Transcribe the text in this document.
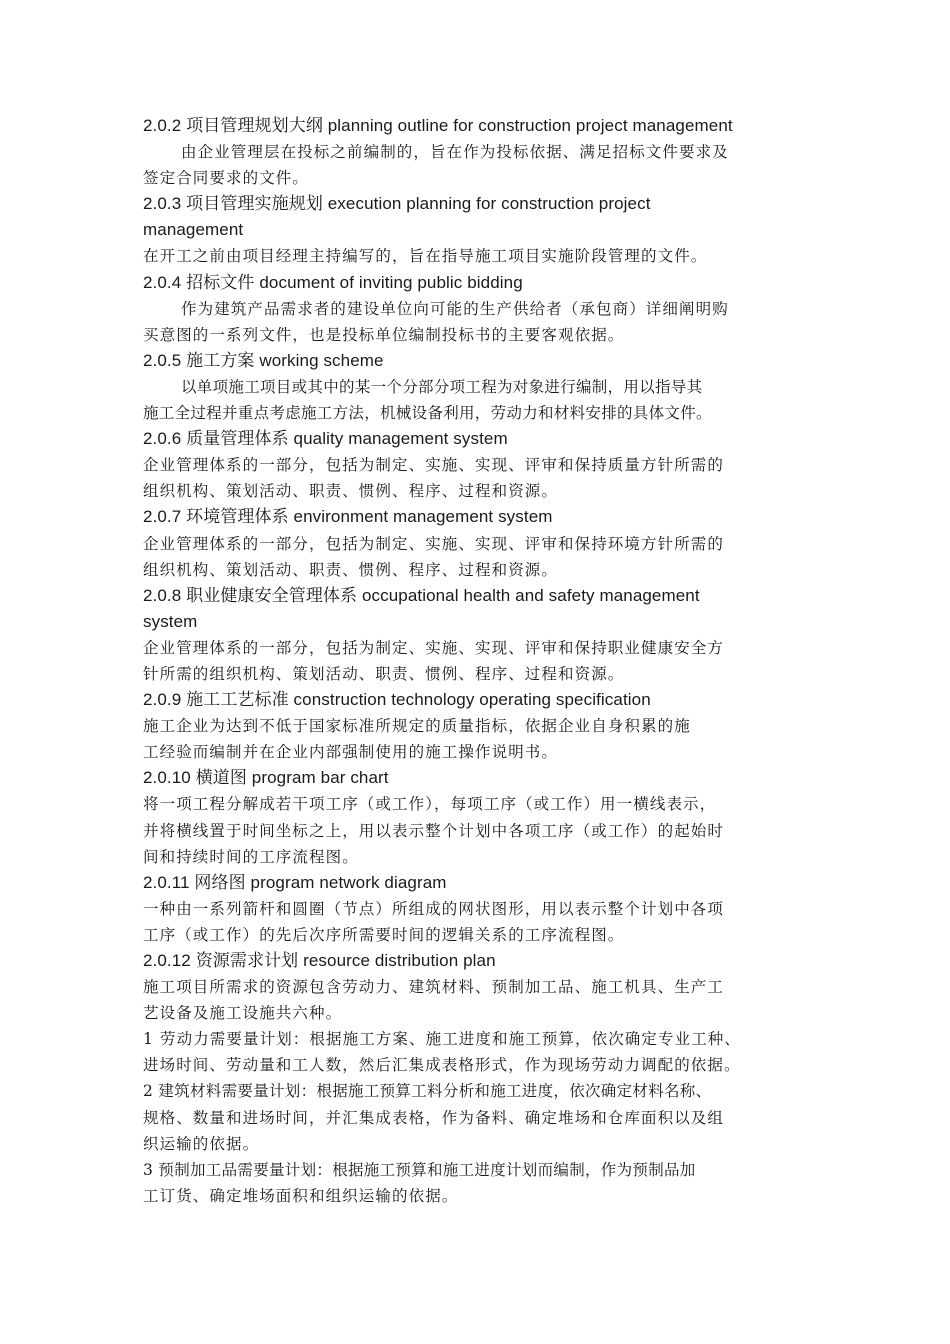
2.0.2 项目管理规划大纲 planning outline for construction project management
由企业管理层在投标之前编制的，旨在作为投标依据、满足招标文件要求及
签定合同要求的文件。
2.0.3 项目管理实施规划 execution planning for construction project
management
在开工之前由项目经理主持编写的，旨在指导施工项目实施阶段管理的文件。
2.0.4 招标文件 document of inviting public bidding
作为建筑产品需求者的建设单位向可能的生产供给者（承包商）详细阐明购
买意图的一系列文件，也是投标单位编制投标书的主要客观依据。
2.0.5 施工方案 working scheme
以单项施工项目或其中的某一个分部分项工程为对象进行编制，用以指导其
施工全过程并重点考虑施工方法，机械设备利用，劳动力和材料安排的具体文件。
2.0.6 质量管理体系 quality management system
企业管理体系的一部分，包括为制定、实施、实现、评审和保持质量方针所需的
组织机构、策划活动、职责、惯例、程序、过程和资源。
2.0.7 环境管理体系 environment management system
企业管理体系的一部分，包括为制定、实施、实现、评审和保持环境方针所需的
组织机构、策划活动、职责、惯例、程序、过程和资源。
2.0.8 职业健康安全管理体系 occupational health and safety management
system
企业管理体系的一部分，包括为制定、实施、实现、评审和保持职业健康安全方
针所需的组织机构、策划活动、职责、惯例、程序、过程和资源。
2.0.9 施工工艺标准 construction technology operating specification
施工企业为达到不低于国家标准所规定的质量指标，依据企业自身积累的施
工经验而编制并在企业内部强制使用的施工操作说明书。
2.0.10 横道图 program bar chart
将一项工程分解成若干项工序（或工作），每项工序（或工作）用一横线表示，
并将横线置于时间坐标之上，用以表示整个计划中各项工序（或工作）的起始时
间和持续时间的工序流程图。
2.0.11 网络图 program network diagram
一种由一系列箭杆和圆圈（节点）所组成的网状图形，用以表示整个计划中各项
工序（或工作）的先后次序所需要时间的逻辑关系的工序流程图。
2.0.12 资源需求计划 resource distribution plan
施工项目所需求的资源包含劳动力、建筑材料、预制加工品、施工机具、生产工
艺设备及施工设施共六种。
1 劳动力需要量计划：根据施工方案、施工进度和施工预算，依次确定专业工种、
进场时间、劳动量和工人数，然后汇集成表格形式，作为现场劳动力调配的依据。
2 建筑材料需要量计划：根据施工预算工料分析和施工进度，依次确定材料名称、
规格、数量和进场时间，并汇集成表格，作为备料、确定堆场和仓库面积以及组
织运输的依据。
3 预制加工品需要量计划：根据施工预算和施工进度计划而编制，作为预制品加
工订货、确定堆场面积和组织运输的依据。
